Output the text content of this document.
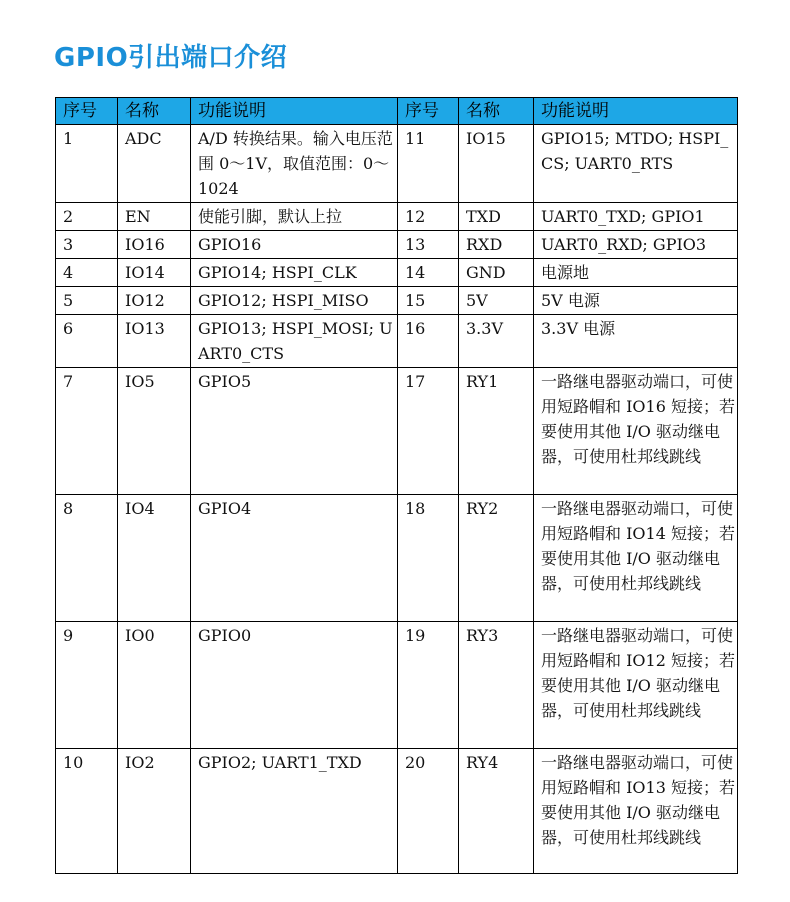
GPIO引出端口介绍
序号	名称	功能说明	序号	名称	功能说明
1	ADC	A/D 转换结果。输入电压范围 0～1V，取值范围：0～1024	11	IO15	GPIO15; MTDO; HSPI_CS; UART0_RTS
2	EN	使能引脚，默认上拉	12	TXD	UART0_TXD; GPIO1
3	IO16	GPIO16	13	RXD	UART0_RXD; GPIO3
4	IO14	GPIO14; HSPI_CLK	14	GND	电源地
5	IO12	GPIO12; HSPI_MISO	15	5V	5V 电源
6	IO13	GPIO13; HSPI_MOSI; UART0_CTS	16	3.3V	3.3V 电源
7	IO5	GPIO5	17	RY1	一路继电器驱动端口，可使用短路帽和 IO16 短接；若要使用其他 I/O 驱动继电器，可使用杜邦线跳线
8	IO4	GPIO4	18	RY2	一路继电器驱动端口，可使用短路帽和 IO14 短接；若要使用其他 I/O 驱动继电器，可使用杜邦线跳线
9	IO0	GPIO0	19	RY3	一路继电器驱动端口，可使用短路帽和 IO12 短接；若要使用其他 I/O 驱动继电器，可使用杜邦线跳线
10	IO2	GPIO2; UART1_TXD	20	RY4	一路继电器驱动端口，可使用短路帽和 IO13 短接；若要使用其他 I/O 驱动继电器，可使用杜邦线跳线
